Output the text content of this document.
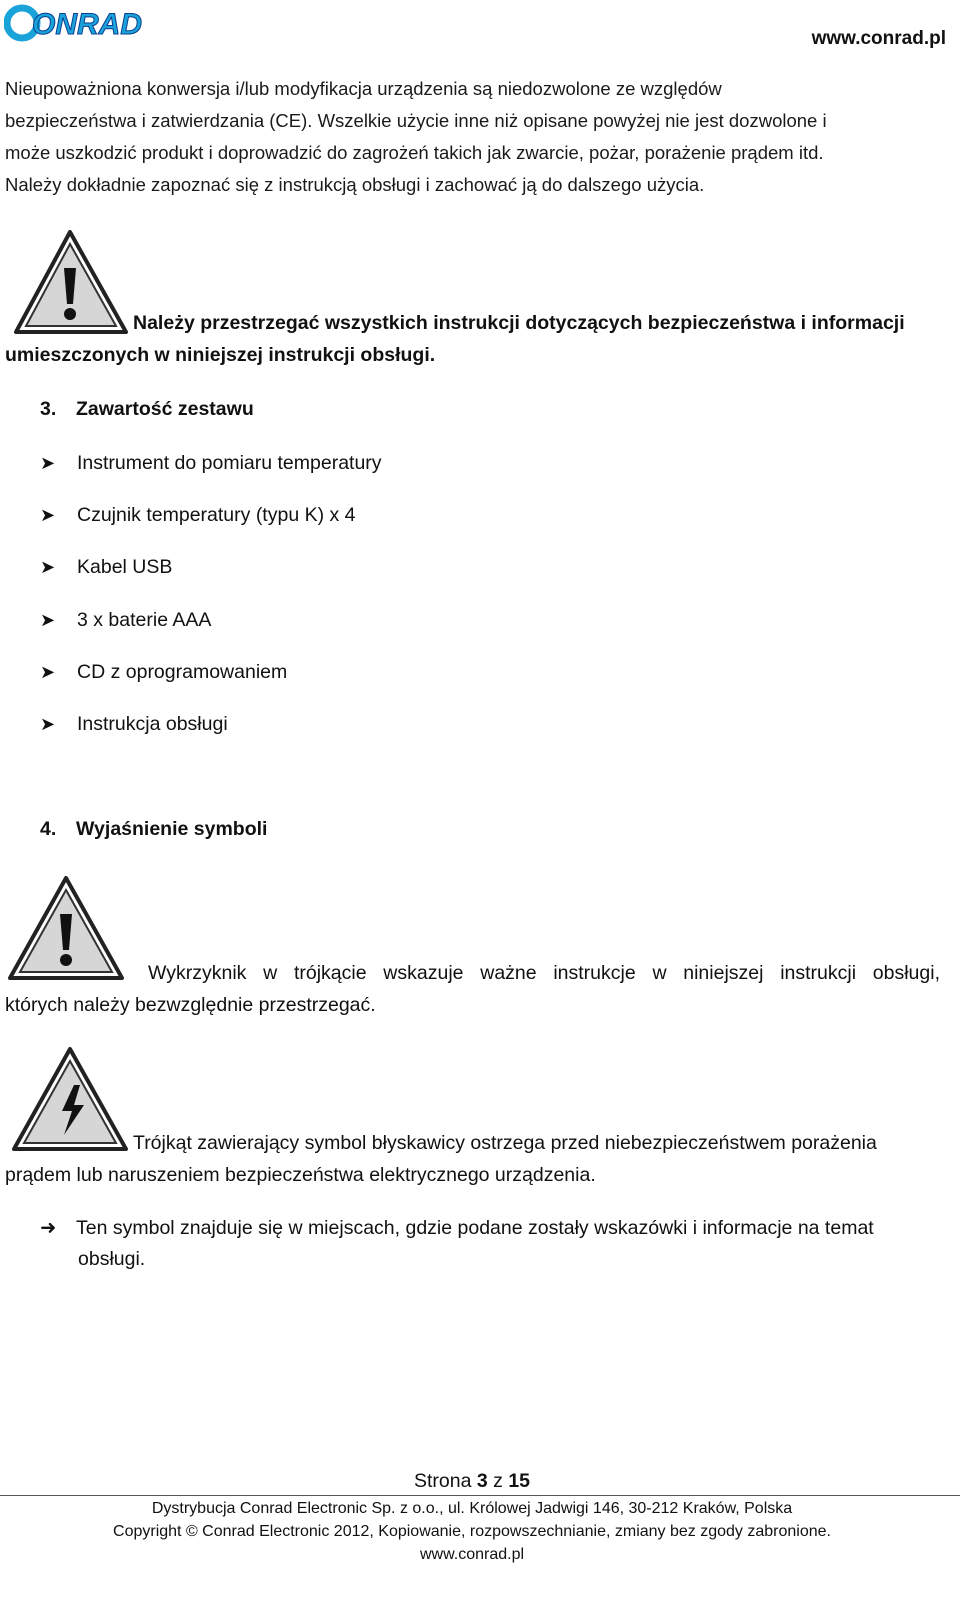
ONRAD	www.conrad.pl

Nieupoważniona konwersja i/lub modyfikacja urządzenia są niedozwolone ze względów

bezpieczeństwa i zatwierdzania (CE). Wszelkie użycie inne niż opisane powyżej nie jest dozwolone i

może uszkodzić produkt i doprowadzić do zagrożeń takich jak zwarcie, pożar, porażenie prądem itd.

Należy dokładnie zapoznać się z instrukcją obsługi i zachować ją do dalszego użycia.

Należy przestrzegać wszystkich instrukcji dotyczących bezpieczeństwa i informacji
umieszczonych w niniejszej instrukcji obsługi.
3. Zawartość zestawu
➤	Instrument do pomiaru temperatury
➤	Czujnik temperatury (typu K) x 4
➤	Kabel USB
➤	3 x baterie AAA
➤	CD z oprogramowaniem
➤	Instrukcja obsługi
4. Wyjaśnienie symboli
Wykrzyknik w trójkącie wskazuje ważne instrukcje w niniejszej instrukcji obsługi,
których należy bezwzględnie przestrzegać.
Trójkąt zawierający symbol błyskawicy ostrzega przed niebezpieczeństwem porażenia
prądem lub naruszeniem bezpieczeństwa elektrycznego urządzenia.
➜ Ten symbol znajduje się w miejscach, gdzie podane zostały wskazówki i informacje na temat
obsługi.
Strona 3 z 15
Dystrybucja Conrad Electronic Sp. z o.o., ul. Królowej Jadwigi 146, 30-212 Kraków, Polska
Copyright © Conrad Electronic 2012, Kopiowanie, rozpowszechnianie, zmiany bez zgody zabronione.
www.conrad.pl
